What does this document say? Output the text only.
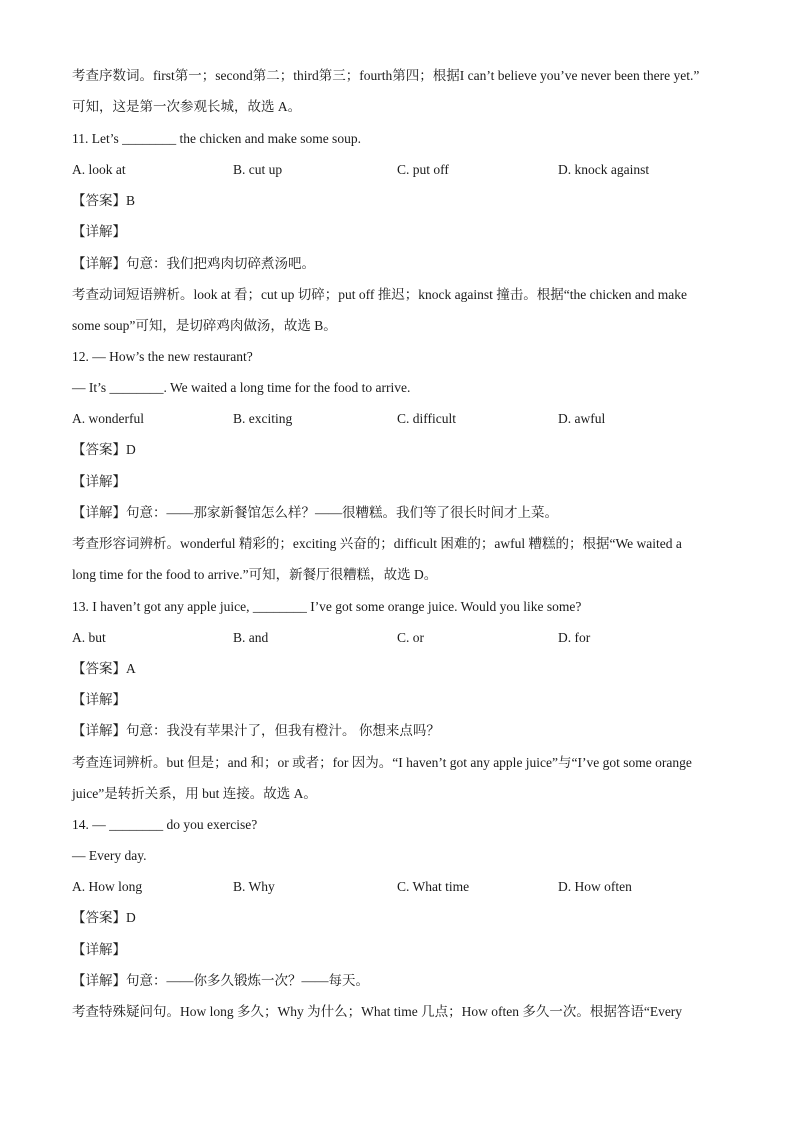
考查序数词。first第一；second第二；third第三；fourth第四；根据I can’t believe you’ve never been there yet.”
可知，这是第一次参观长城，故选 A。
11. Let’s ________ the chicken and make some soup.
A. look at	B. cut up	C. put off	D. knock against
【答案】B
【详解】
【详解】句意：我们把鸡肉切碎煮汤吧。
考查动词短语辨析。look at 看；cut up 切碎；put off 推迟；knock against 撞击。根据“the chicken and make
some soup”可知，是切碎鸡肉做汤，故选 B。
12. — How’s the new restaurant?
— It’s ________. We waited a long time for the food to arrive.
A. wonderful	B. exciting	C. difficult	D. awful
【答案】D
【详解】
【详解】句意：——那家新餐馆怎么样？——很糟糕。我们等了很长时间才上菜。
考查形容词辨析。wonderful 精彩的；exciting 兴奋的；difficult 困难的；awful 糟糕的；根据“We waited a
long time for the food to arrive.”可知，新餐厅很糟糕，故选 D。
13. I haven’t got any apple juice, ________ I’ve got some orange juice. Would you like some?
A. but	B. and	C. or	D. for
【答案】A
【详解】
【详解】句意：我没有苹果汁了，但我有橙汁。 你想来点吗？
考查连词辨析。but 但是；and 和；or 或者；for 因为。“I haven’t got any apple juice”与“I’ve got some orange
juice”是转折关系，用 but 连接。故选 A。
14. — ________ do you exercise?
— Every day.
A. How long	B. Why	C. What time	D. How often
【答案】D
【详解】
【详解】句意：——你多久锻炼一次？——每天。
考查特殊疑问句。How long 多久；Why 为什么；What time 几点；How often 多久一次。根据答语“Every
